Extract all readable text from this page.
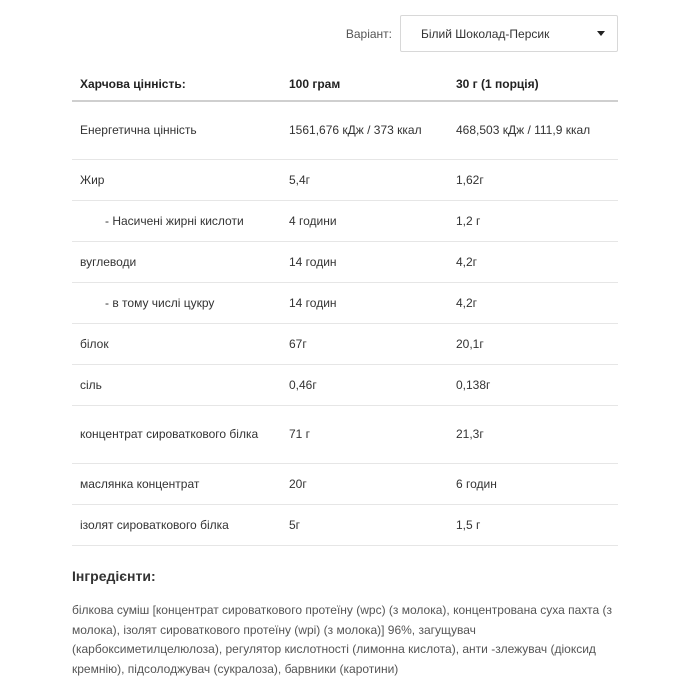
Варіант: Білий Шоколад-Персик
Харчова цінність:	100 грам	30 г (1 порція)
Енергетична цінність	1561,676 кДж / 373 ккал	468,503 кДж / 111,9 ккал
Жир	5,4г	1,62г
- Насичені жирні кислоти	4 години	1,2 г
вуглеводи	14 годин	4,2г
- в тому числі цукру	14 годин	4,2г
білок	67г	20,1г
сіль	0,46г	0,138г
концентрат сироваткового білка	71 г	21,3г
маслянка концентрат	20г	6 годин
ізолят сироваткового білка	5г	1,5 г
Інгредієнти:

білкова суміш [концентрат сироваткового протеїну (wpc) (з молока), концентрована суха пахта (з молока), ізолят сироваткового протеїну (wpi) (з молока)] 96%, загущувач (карбоксиметилцелюлоза), регулятор кислотності (лимонна кислота), анти -злежувач (діоксид кремнію), підсолоджувач (сукралоза), барвники (каротини)
